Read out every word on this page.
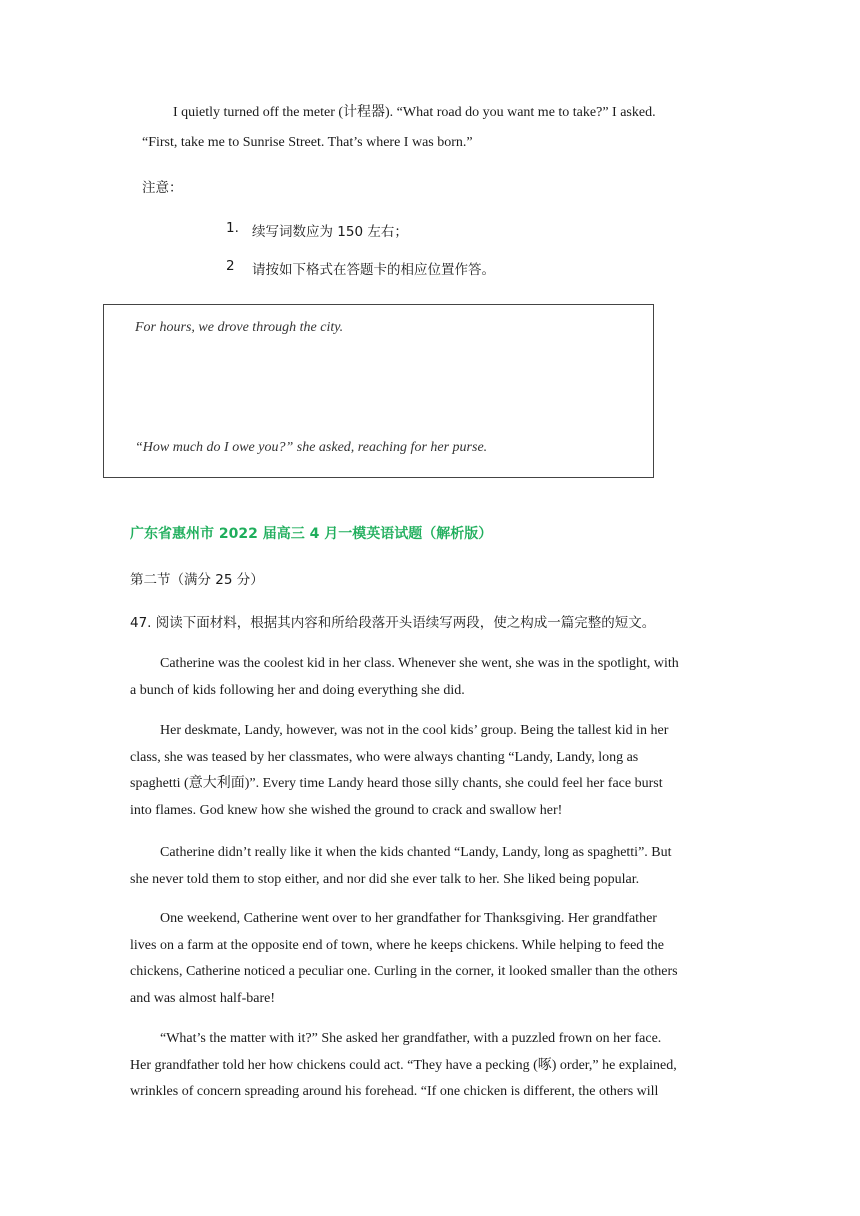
I quietly turned off the meter (计程器). “What road do you want me to take?” I asked.
“First, take me to Sunrise Street. That’s where I was born.”
注意：
1. 续写词数应为 150 左右；
2 请按如下格式在答题卡的相应位置作答。
For hours, we drove through the city.
“How much do I owe you?” she asked, reaching for her purse.
广东省惠州市 2022 届高三 4 月一模英语试题（解析版）
第二节（满分 25 分）
47. 阅读下面材料，根据其内容和所给段落开头语续写两段，使之构成一篇完整的短文。
Catherine was the coolest kid in her class. Whenever she went, she was in the spotlight, with
a bunch of kids following her and doing everything she did.
Her deskmate, Landy, however, was not in the cool kids’ group. Being the tallest kid in her
class, she was teased by her classmates, who were always chanting “Landy, Landy, long as
spaghetti (意大利面)”. Every time Landy heard those silly chants, she could feel her face burst
into flames. God knew how she wished the ground to crack and swallow her!
Catherine didn’t really like it when the kids chanted “Landy, Landy, long as spaghetti”. But
she never told them to stop either, and nor did she ever talk to her. She liked being popular.
One weekend, Catherine went over to her grandfather for Thanksgiving. Her grandfather
lives on a farm at the opposite end of town, where he keeps chickens. While helping to feed the
chickens, Catherine noticed a peculiar one. Curling in the corner, it looked smaller than the others
and was almost half-bare!
“What’s the matter with it?” She asked her grandfather, with a puzzled frown on her face.
Her grandfather told her how chickens could act. “They have a pecking (啄) order,” he explained,
wrinkles of concern spreading around his forehead. “If one chicken is different, the others will
